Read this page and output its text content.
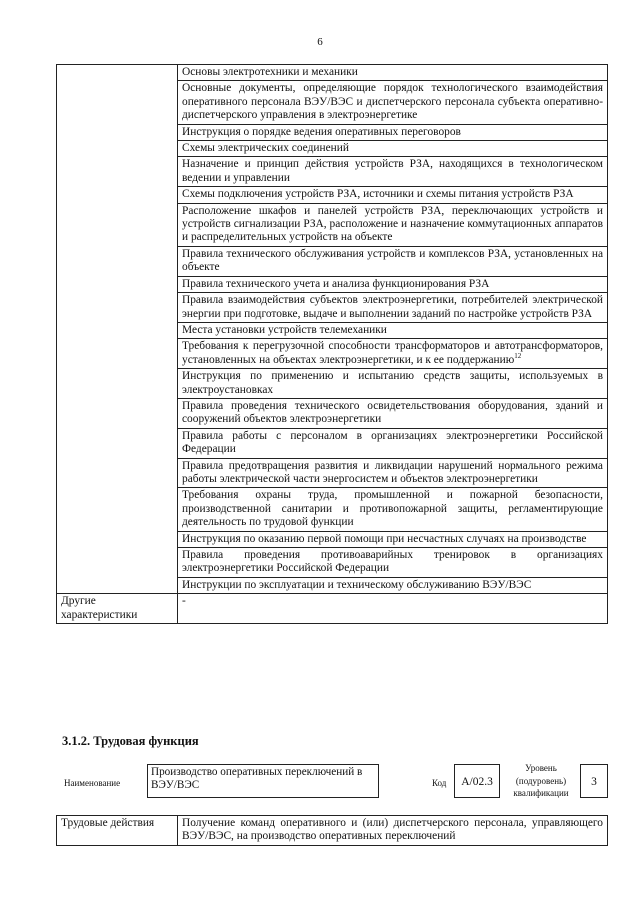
6
	Основы электротехники и механики
	Основные документы, определяющие порядок технологического взаимодействия оперативного персонала ВЭУ/ВЭС и диспетчерского персонала субъекта оперативно-диспетчерского управления в электроэнергетике
	Инструкция о порядке ведения оперативных переговоров
	Схемы электрических соединений
	Назначение и принцип действия устройств РЗА, находящихся в технологическом ведении и управлении
	Схемы подключения устройств РЗА, источники и схемы питания устройств РЗА
	Расположение шкафов и панелей устройств РЗА, переключающих устройств и устройств сигнализации РЗА, расположение и назначение коммутационных аппаратов и распределительных устройств на объекте
	Правила технического обслуживания устройств и комплексов РЗА, установленных на объекте
	Правила технического учета и анализа функционирования РЗА
	Правила взаимодействия субъектов электроэнергетики, потребителей электрической энергии при подготовке, выдаче и выполнении заданий по настройке устройств РЗА
	Места установки устройств телемеханики
	Требования к перегрузочной способности трансформаторов и автотрансформаторов, установленных на объектах электроэнергетики, и к ее поддержанию$^{12}$
	Инструкция по применению и испытанию средств защиты, используемых в электроустановках
	Правила проведения технического освидетельствования оборудования, зданий и сооружений объектов электроэнергетики
	Правила работы с персоналом в организациях электроэнергетики Российской Федерации
	Правила предотвращения развития и ликвидации нарушений нормального режима работы электрической части энергосистем и объектов электроэнергетики
	Требования охраны труда, промышленной и пожарной безопасности, производственной санитарии и противопожарной защиты, регламентирующие деятельность по трудовой функции
	Инструкция по оказанию первой помощи при несчастных случаях на производстве
	Правила проведения противоаварийных тренировок в организациях электроэнергетики Российской Федерации
	Инструкции по эксплуатации и техническому обслуживанию ВЭУ/ВЭС
Другие характеристики	-
3.1.2. Трудовая функция
Наименование
Производство оперативных переключений в ВЭУ/ВЭС	Код	А/02.3
Уровень (подуровень) квалификации
3
Трудовые действия	Получение команд оперативного и (или) диспетчерского персонала, управляющего ВЭУ/ВЭС, на производство оперативных переключений
